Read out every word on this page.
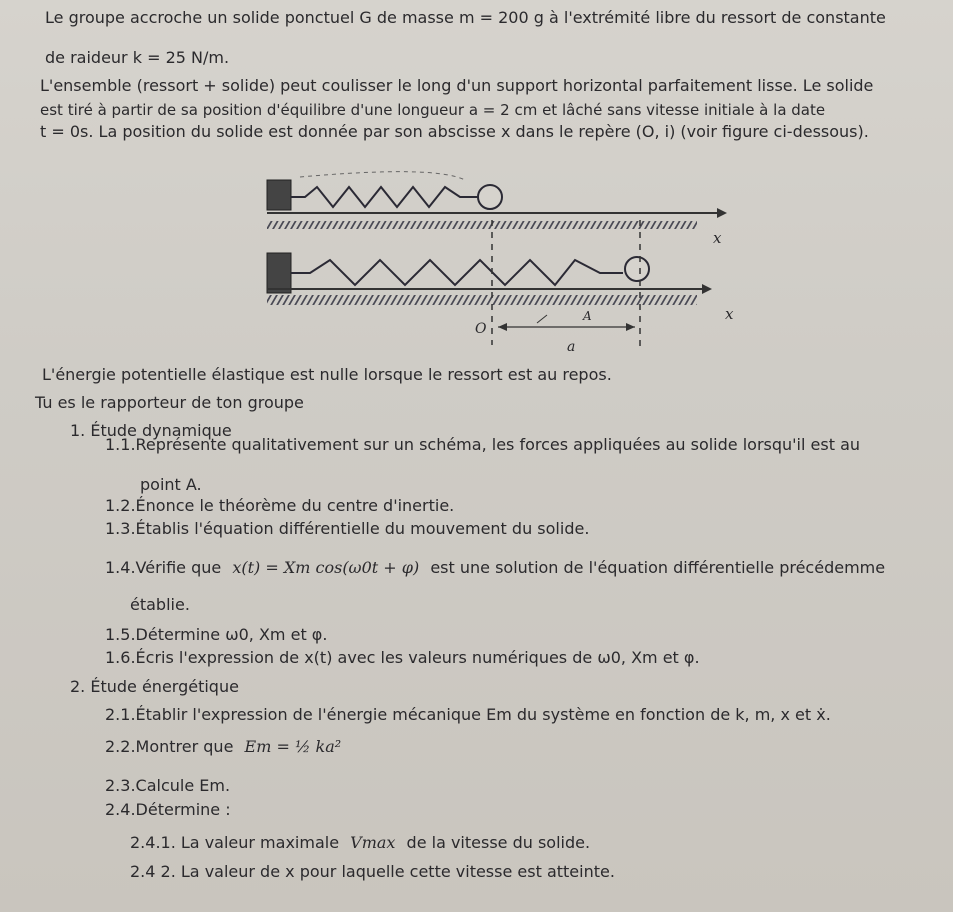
Le groupe accroche un solide ponctuel G de masse m = 200 g à l'extrémité libre du ressort de constante
de raideur k = 25 N/m.
L'ensemble (ressort + solide) peut coulisser le long d'un support horizontal parfaitement lisse. Le solide
est tiré à partir de sa position d'équilibre d'une longueur a = 2 cm et lâché sans vitesse initiale à la date
t = 0s. La position du solide est donnée par son abscisse x dans le repère (O, i) (voir figure ci-dessous).
x
x
O
A
a
L'énergie potentielle élastique est nulle lorsque le ressort est au repos.
Tu es le rapporteur de ton groupe
1. Étude dynamique
1.1.Représente qualitativement sur un schéma, les forces appliquées au solide lorsqu'il est au
point A.
1.2.Énonce le théorème du centre d'inertie.
1.3.Établis l'équation différentielle du mouvement du solide.
1.4.Vérifie que x(t) = Xm cos(ω0t + φ) est une solution de l'équation différentielle précédemme
établie.
1.5.Détermine ω0, Xm et φ.
1.6.Écris l'expression de x(t) avec les valeurs numériques de ω0, Xm et φ.
2. Étude énergétique
2.1.Établir l'expression de l'énergie mécanique Em du système en fonction de k, m, x et ẋ.
2.2.Montrer que Em = ½ ka²
2.3.Calcule Em.
2.4.Détermine :
2.4.1. La valeur maximale Vmax de la vitesse du solide.
2.4 2. La valeur de x pour laquelle cette vitesse est atteinte.
